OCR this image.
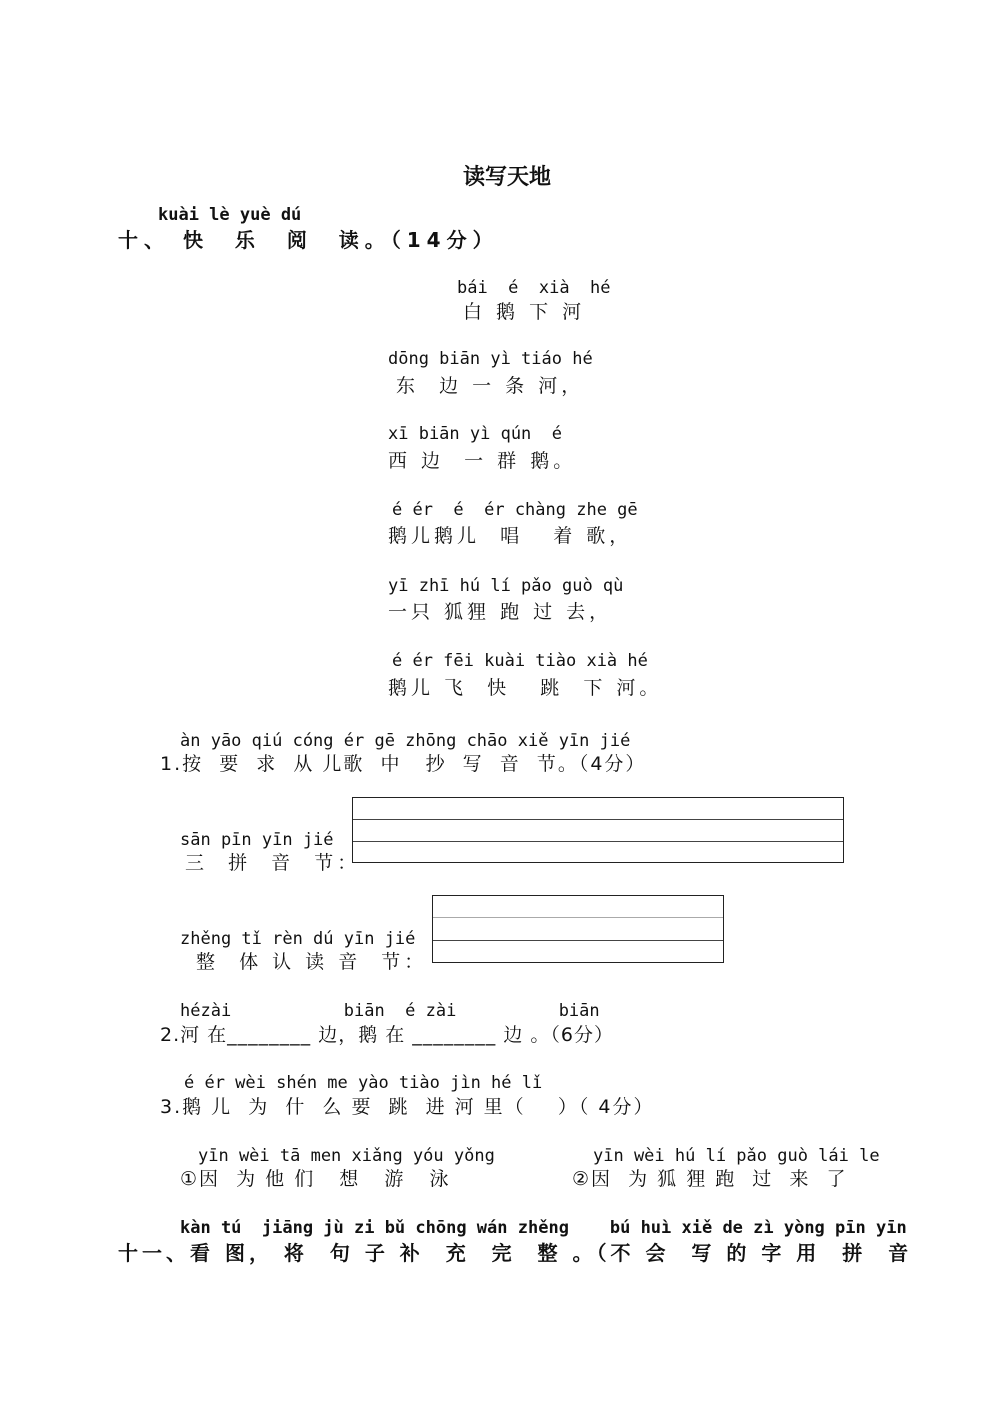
读写天地
kuài lè yuè dú
十、 快  乐  阅  读。（14分）
bái  é  xià  hé
白 鹅 下 河
dōng biān yì tiáo hé
东  边 一 条 河，
xī biān yì qún  é
西 边  一 群 鹅。
é ér  é  ér chàng zhe gē
鹅儿鹅儿  唱   着 歌，
yī zhī hú lí pǎo guò qù
一只 狐狸 跑 过 去，
é ér fēi kuài tiào xià hé
鹅儿 飞  快   跳  下 河。
àn yāo qiú cóng ér gē zhōng chāo xiě yīn jié
1.按  要  求  从 儿歌  中   抄  写  音  节。（4分）
sān pīn yīn jié
三  拼  音  节：
zhěng tǐ rèn dú yīn jié
整  体 认 读 音  节：
hézài           biān  é zài          biān
2.河 在________ 边，鹅 在 ________ 边 。（6分）
é ér wèi shén me yào tiào jìn hé lǐ
3.鹅 儿  为  什  么 要  跳  进 河 里（    ）（ 4分）
yīn wèi tā men xiǎng yóu yǒng
①因  为 他 们   想   游   泳
yīn wèi hú lí pǎo guò lái le
②因  为 狐 狸 跑  过  来  了
kàn tú  jiāng jù zi bǔ chōng wán zhěng    bú huì xiě de zì yòng pīn yīn
十一、看 图， 将  句 子 补  充  完  整 。（不 会  写 的 字 用  拼  音
